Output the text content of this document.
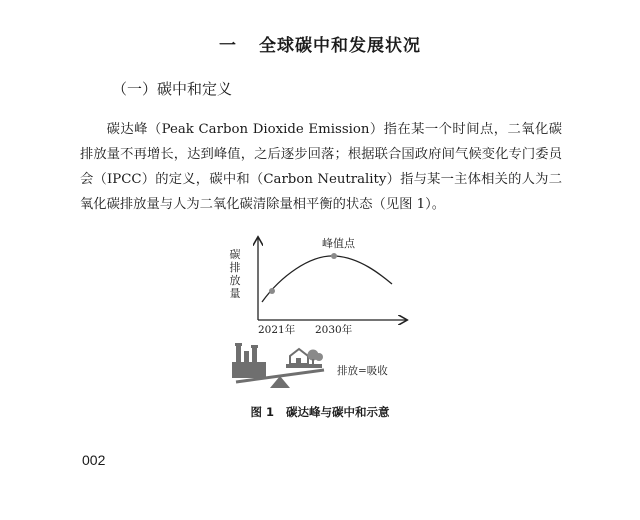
一 全球碳中和发展状况
（一）碳中和定义

碳达峰（Peak Carbon Dioxide Emission）指在某一个时间点，二氧化碳排放量不再增长，达到峰值，之后逐步回落；根据联合国政府间气候变化专门委员会（IPCC）的定义，碳中和（Carbon Neutrality）指与某一主体相关的人为二氧化碳排放量与人为二氧化碳清除量相平衡的状态（见图 1）。

碳排放量
峰值点
2021年 2030年
排放=吸收
图 1 碳达峰与碳中和示意
002
